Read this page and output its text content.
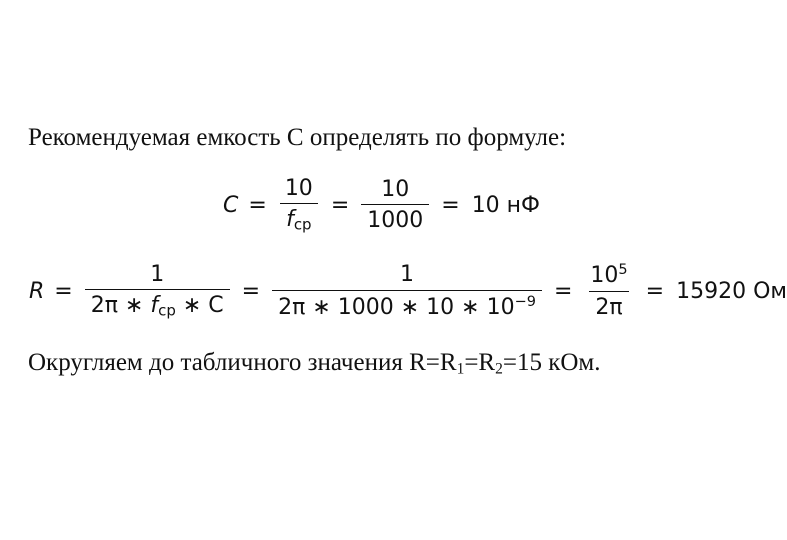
Рекомендуемая емкость С определять по формуле:
$C = \frac{10}{f_{ср}} = \frac{10}{1000} = 10$ нФ
$R = \frac{1}{2\pi ∗ f_{ср} ∗ C} = \frac{1}{2\pi ∗ 1000 ∗ 10 ∗ 10^{-9}} = \frac{10^5}{2\pi} = 15920$ Ом
Округляем до табличного значения R=R1=R2=15 кОм.
